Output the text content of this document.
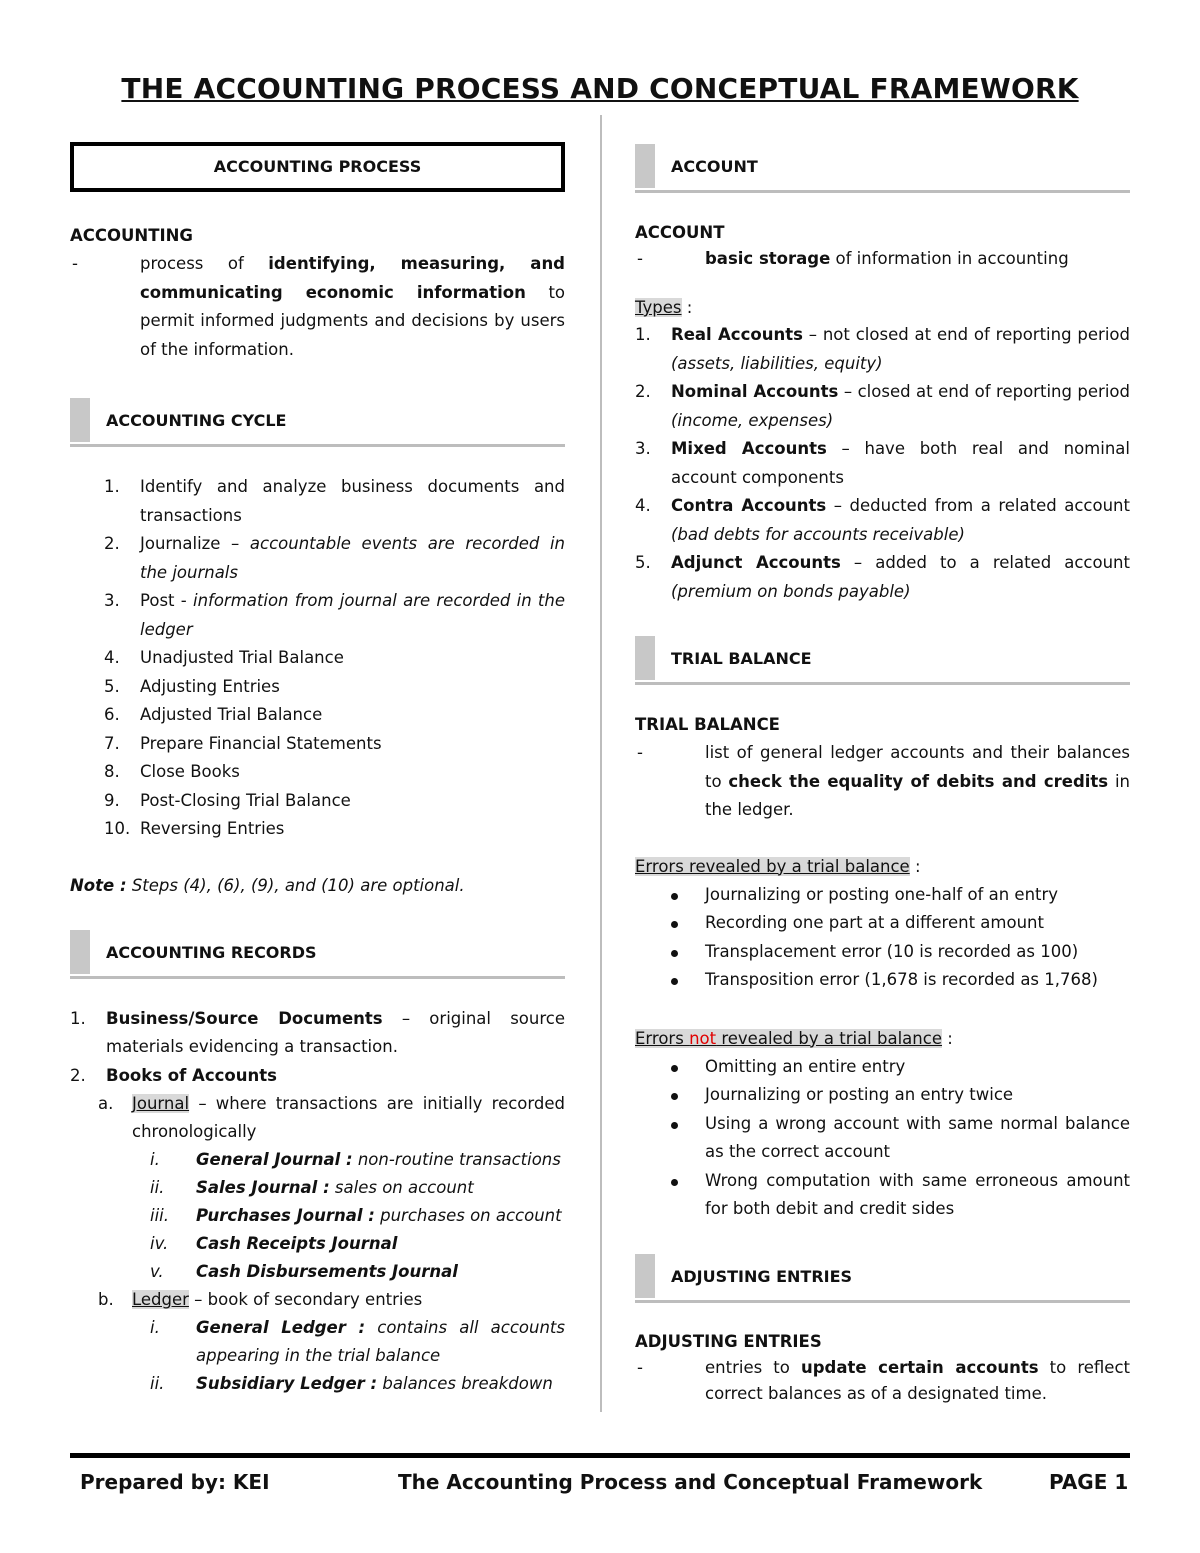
THE ACCOUNTING PROCESS AND CONCEPTUAL FRAMEWORK
ACCOUNTING PROCESS
ACCOUNTING
-	process of identifying, measuring, and communicating economic information to permit informed judgments and decisions by users of the information.
ACCOUNTING CYCLE
1. Identify and analyze business documents and transactions
2. Journalize – accountable events are recorded in the journals
3. Post - information from journal are recorded in the ledger
4. Unadjusted Trial Balance
5. Adjusting Entries
6. Adjusted Trial Balance
7. Prepare Financial Statements
8. Close Books
9. Post-Closing Trial Balance
10. Reversing Entries
Note : Steps (4), (6), (9), and (10) are optional.
ACCOUNTING RECORDS
1. Business/Source Documents – original source materials evidencing a transaction.
2. Books of Accounts
a. Journal – where transactions are initially recorded chronologically
i. General Journal : non-routine transactions
ii. Sales Journal : sales on account
iii. Purchases Journal : purchases on account
iv. Cash Receipts Journal
v. Cash Disbursements Journal
b. Ledger – book of secondary entries
i. General Ledger : contains all accounts appearing in the trial balance
ii. Subsidiary Ledger : balances breakdown
ACCOUNT
ACCOUNT
-	basic storage of information in accounting
Types :
1. Real Accounts – not closed at end of reporting period (assets, liabilities, equity)
2. Nominal Accounts – closed at end of reporting period (income, expenses)
3. Mixed Accounts – have both real and nominal account components
4. Contra Accounts – deducted from a related account (bad debts for accounts receivable)
5. Adjunct Accounts – added to a related account (premium on bonds payable)
TRIAL BALANCE
TRIAL BALANCE
-	list of general ledger accounts and their balances to check the equality of debits and credits in the ledger.
Errors revealed by a trial balance :
Journalizing or posting one-half of an entry
Recording one part at a different amount
Transplacement error (10 is recorded as 100)
Transposition error (1,678 is recorded as 1,768)
Errors not revealed by a trial balance :
Omitting an entire entry
Journalizing or posting an entry twice
Using a wrong account with same normal balance as the correct account
Wrong computation with same erroneous amount for both debit and credit sides
ADJUSTING ENTRIES
ADJUSTING ENTRIES
-	entries to update certain accounts to reflect correct balances as of a designated time.
Prepared by: KEI	The Accounting Process and Conceptual Framework	PAGE 1
